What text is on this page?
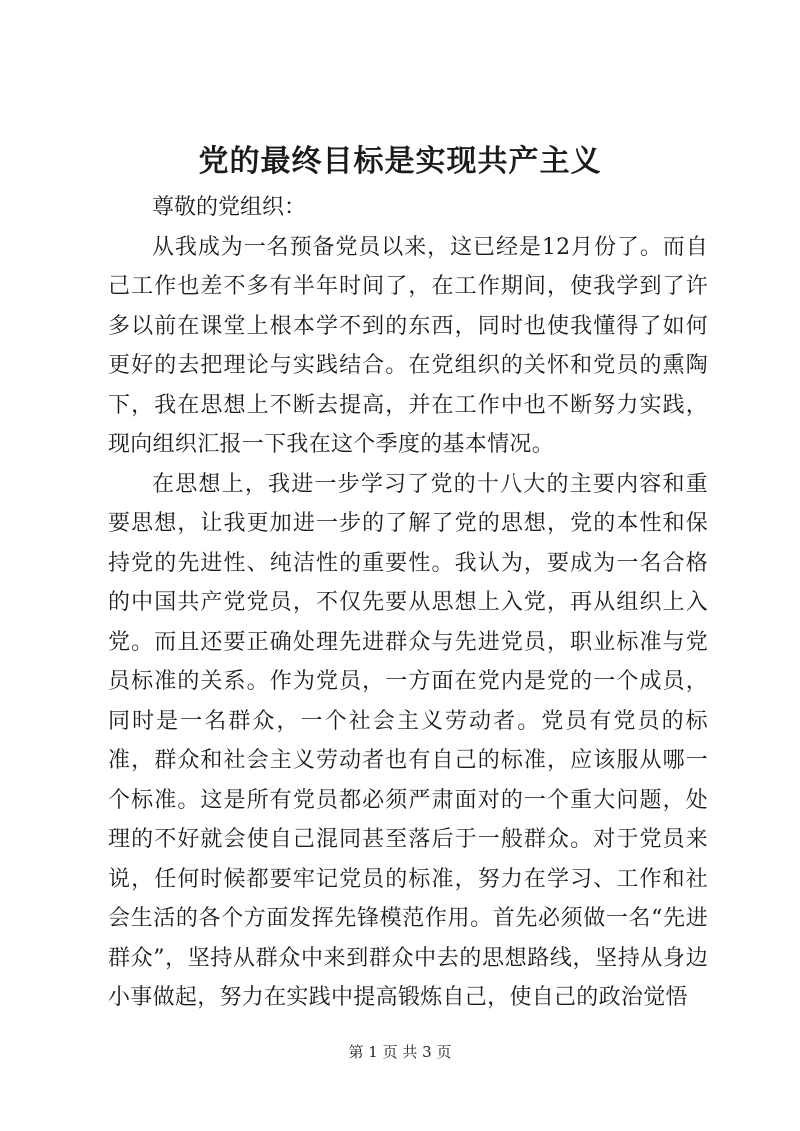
党的最终目标是实现共产主义

尊敬的党组织：

从我成为一名预备党员以来，这已经是12月份了。而自己工作也差不多有半年时间了，在工作期间，使我学到了许多以前在课堂上根本学不到的东西，同时也使我懂得了如何更好的去把理论与实践结合。在党组织的关怀和党员的熏陶下，我在思想上不断去提高，并在工作中也不断努力实践，现向组织汇报一下我在这个季度的基本情况。

在思想上，我进一步学习了党的十八大的主要内容和重要思想，让我更加进一步的了解了党的思想，党的本性和保持党的先进性、纯洁性的重要性。我认为，要成为一名合格的中国共产党党员，不仅先要从思想上入党，再从组织上入党。而且还要正确处理先进群众与先进党员，职业标准与党员标准的关系。作为党员，一方面在党内是党的一个成员，同时是一名群众，一个社会主义劳动者。党员有党员的标准，群众和社会主义劳动者也有自己的标准，应该服从哪一个标准。这是所有党员都必须严肃面对的一个重大问题，处理的不好就会使自己混同甚至落后于一般群众。对于党员来说，任何时候都要牢记党员的标准，努力在学习、工作和社会生活的各个方面发挥先锋模范作用。首先必须做一名“先进群众”，坚持从群众中来到群众中去的思想路线，坚持从身边小事做起，努力在实践中提高锻炼自己，使自己的政治觉悟

第 1 页 共 3 页
